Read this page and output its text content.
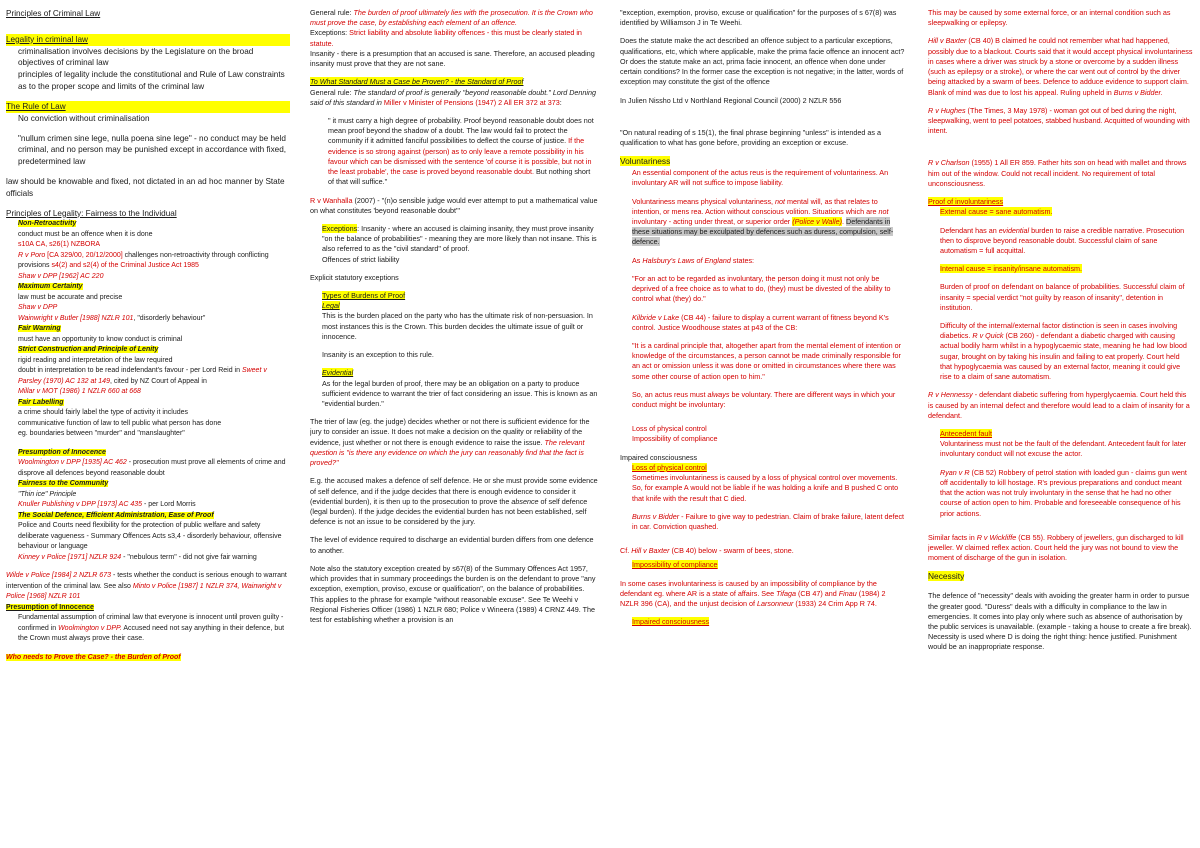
Principles of Criminal Law

Legality in criminal law

criminalisation involves decisions by the Legislature on the broad objectives of criminal law

principles of legality include the constitutional and Rule of Law constraints as to the proper scope and limits of the criminal law

The Rule of Law

No conviction without criminalisation

"nullum crimen sine lege, nulla poena sine lege" - no conduct may be held criminal, and no person may be punished except in accordance with fixed, predetermined law

law should be knowable and fixed, not dictated in an ad hoc manner by State officials

Principles of Legality: Fairness to the Individual

Non-Retroactivity

conduct must be an offence when it is done

s10A CA, s26(1) NZBORA

R v Poro [CA 329/00, 20/12/2000] challenges non-retroactivity through conflicting provisions s4(2) and s2(4) of the Criminal Justice Act 1985

Shaw v DPP [1962] AC 220

Maximum Certainty

law must be accurate and precise

Shaw v DPP

Wainwright v Butler [1988] NZLR 101, "disorderly behaviour"

Fair Warning

must have an opportunity to know conduct is criminal

Strict Construction and Principle of Lenity

rigid reading and interpretation of the law required

doubt in interpretation to be read indefendant's favour - per Lord Reid in Sweet v Parsley (1970) AC 132 at 149, cited by NZ Court of Appeal in

Millar v MOT (1986) 1 NZLR 660 at 668

Fair Labelling

a crime should fairly label the type of activity it includes

communicative function of law to tell public what person has done

eg. boundaries between "murder" and "manslaughter"

Presumption of Innocence

Woolmington v DPP [1935] AC 462 - prosecution must prove all elements of crime and disprove all defences beyond reasonable doubt

Fairness to the Community

"Thin ice" Principle

Knuller Publishing v DPP [1973] AC 435 - per Lord Morris

The Social Defence, Efficient Administration, Ease of Proof

Police and Courts need flexibility for the protection of public welfare and safety

deliberate vagueness - Summary Offences Acts s3,4 - disorderly behaviour, offensive behaviour or language

Kinney v Police [1971] NZLR 924 - "nebulous term" - did not give fair warning

Wilde v Police [1984] 2 NZLR 673 - tests whether the conduct is serious enough to warrant intervention of the criminal law. See also Minto v Police [1987] 1 NZLR 374, Wainwright v Police [1968] NZLR 101

Presumption of Innocence

Fundamental assumption of criminal law that everyone is innocent until proven guilty - confirmed in Woolmington v DPP. Accused need not say anything in their defence, but the Crown must always prove their case.

Who needs to Prove the Case? - the Burden of Proof

General rule: The burden of proof ultimately lies with the prosecution. It is the Crown who must prove the case, by establishing each element of an offence.

Exceptions: Strict liability and absolute liability offences - this must be clearly stated in statute.

Insanity - there is a presumption that an accused is sane. Therefore, an accused pleading insanity must prove that they are not sane.

To What Standard Must a Case be Proven? - the Standard of Proof

General rule: The standard of proof is generally "beyond reasonable doubt." Lord Denning said of this standard in Miller v Minister of Pensions (1947) 2 All ER 372 at 373:

" it must carry a high degree of probability. Proof beyond reasonable doubt does not mean proof beyond the shadow of a doubt. The law would fail to protect the community if it admitted fanciful possibilities to deflect the course of justice. If the evidence is so strong against (person) as to only leave a remote possibility in his favour which can be dismissed with the sentence 'of course it is possible, but not in the least probable', the case is proved beyond reasonable doubt. But nothing short of that will suffice."

R v Wanhalla (2007) - "(n)o sensible judge would ever attempt to put a mathematical value on what constitutes 'beyond reasonable doubt'"

Exceptions: Insanity - where an accused is claiming insanity, they must prove insanity "on the balance of probabilities" - meaning they are more likely than not insane. This is also referred to as the "civil standard" of proof.

Offences of strict liability

Explicit statutory exceptions

Types of Burdens of Proof

Legal

This is the burden placed on the party who has the ultimate risk of non-persuasion. In most instances this is the Crown. This burden decides the ultimate issue of guilt or innocence.

Insanity is an exception to this rule.

Evidential

As for the legal burden of proof, there may be an obligation on a party to produce sufficient evidence to warrant the trier of fact considering an issue. This is known as an "evidential burden."

The trier of law (eg. the judge) decides whether or not there is sufficient evidence for the jury to consider an issue. It does not make a decision on the quality or reliability of the evidence, just whether or not there is enough evidence to raise the issue. The relevant question is "is there any evidence on which the jury can reasonably find that the fact is proved?"

E.g. the accused makes a defence of self defence. He or she must provide some evidence of self defence, and if the judge decides that there is enough evidence to consider it (evidential burden), it is then up to the prosecution to prove the absence of self defence (legal burden). If the judge decides the evidential burden has not been established, self defence is not an issue to be considered by the jury.

The level of evidence required to discharge an evidential burden differs from one defence to another.

Note also the statutory exception created by s67(8) of the Summary Offences Act 1957, which provides that in summary proceedings the burden is on the defendant to prove "any exception, exemption, proviso, excuse or qualification", on the balance of probabilities. This applies to the phrase for example "without reasonable excuse". See Te Weehi v Regional Fisheries Officer (1986) 1 NZLR 680; Police v Wineera (1989) 4 CRNZ 449. The test for establishing whether a provision is an

"exception, exemption, proviso, excuse or qualification" for the purposes of s 67(8) was identified by Williamson J in Te Weehi.

Does the statute make the act described an offence subject to a particular exceptions, qualifications, etc, which where applicable, make the prima facie offence an innocent act? Or does the statute make an act, prima facie innocent, an offence when done under certain conditions? In the former case the exception is not negative; in the latter, words of exception may constitute the gist of the offence

In Julien Nissho Ltd v Northland Regional Council (2000) 2 NZLR 556

"On natural reading of s 15(1), the final phrase beginning "unless" is intended as a qualification to what has gone before, providing an exception or excuse.

Voluntariness

An essential component of the actus reus is the requirement of voluntariness. An involuntary AR will not suffice to impose liability.

Voluntariness means physical voluntariness, not mental will, as that relates to intention, or mens rea. Action without conscious volition. Situations which are not involuntary - acting under threat, or superior order (Police v Walle). Defendants in these situations may be exculpated by defences such as duress, compulsion, self-defence.

As Halsbury's Laws of England states:

"For an act to be regarded as involuntary, the person doing it must not only be deprived of a free choice as to what to do, (they) must be divested of the ability to control what (they) do."

Kilbride v Lake (CB 44) - failure to display a current warrant of fitness beyond K's control. Justice Woodhouse states at p43 of the CB:

"It is a cardinal principle that, altogether apart from the mental element of intention or knowledge of the circumstances, a person cannot be made criminally responsible for an act or omission unless it was done or omitted in circumstances where there was some other course of action open to him."

So, an actus reus must always be voluntary. There are different ways in which your conduct might be involuntary:

Loss of physical control

Impossibility of compliance

Impaired consciousness

Loss of physical control

Sometimes involuntariness is caused by a loss of physical control over movements. So, for example A would not be liable if he was holding a knife and B pushed C onto that knife with the result that C died.

Burns v Bidder - Failure to give way to pedestrian. Claim of brake failure, latent defect in car. Conviction quashed.

Cf. Hill v Baxter (CB 40) below - swarm of bees, stone.

Impossibility of compliance

In some cases involuntariness is caused by an impossibility of compliance by the defendant eg. where AR is a state of affairs. See Tifaga (CB 47) and Finau (1984) 2 NZLR 396 (CA), and the unjust decision of Larsonneur (1933) 24 Crim App R 74.

Impaired consciousness

This may be caused by some external force, or an internal condition such as sleepwalking or epilepsy.

Hill v Baxter (CB 40) B claimed he could not remember what had happened, possibly due to a blackout. Courts said that it would accept physical involuntariness in cases where a driver was struck by a stone or overcome by a sudden illness (such as epilepsy or a stroke), or where the car went out of control by the driver being attacked by a swarm of bees. Defence to adduce evidence to support claim. Blank of mind was due to lost his appeal. Ruling upheld in Burns v Bidder.

R v Hughes (The Times, 3 May 1978) - woman got out of bed during the night, sleepwalking, went to peel potatoes, stabbed husband. Acquitted of wounding with intent.

R v Charlson (1955) 1 All ER 859. Father hits son on head with mallet and throws him out of the window. Could not recall incident. No requirement of total unconsciousness.

Proof of involuntariness

External cause = sane automatism.

Defendant has an evidential burden to raise a credible narrative. Prosecution then to disprove beyond reasonable doubt. Successful claim of sane automatism = full acquittal.

Internal cause = insanity/insane automatism.

Burden of proof on defendant on balance of probabilities. Successful claim of insanity = special verdict "not guilty by reason of insanity", detention in institution.

Difficulty of the internal/external factor distinction is seen in cases involving diabetics. R v Quick (CB 260) - defendant a diabetic charged with causing actual bodily harm whilst in a hypoglycaemic state, meaning he had low blood sugar, brought on by taking his insulin and failing to eat properly. Court held that hypoglycaemia was caused by an external factor, meaning it could give rise to a claim of sane automatism.

R v Hennessy - defendant diabetic suffering from hyperglycaemia. Court held this is caused by an internal defect and therefore would lead to a claim of insanity for a defendant.

Antecedent fault

Voluntariness must not be the fault of the defendant. Antecedent fault for later involuntary conduct will not excuse the actor.

Ryan v R (CB 52) Robbery of petrol station with loaded gun - claims gun went off accidentally to kill hostage. R's previous preparations and conduct meant that the action was not truly involuntary in the sense that he had no other course of action open to him. Probable and foreseeable consequence of his prior actions.

Similar facts in R v Wickliffe (CB 55). Robbery of jewellers, gun discharged to kill jeweller. W claimed reflex action. Court held the jury was not bound to view the moment of discharge of the gun in isolation.

Necessity

The defence of "necessity" deals with avoiding the greater harm in order to pursue the greater good. "Duress" deals with a difficulty in compliance to the law in emergencies. It comes into play only where such as absence of authorisation by the public services is unavailable. (example - taking a house to create a fire break). Necessity is used where D is doing the right thing: hence justified. Punishment would be an inappropriate response.
